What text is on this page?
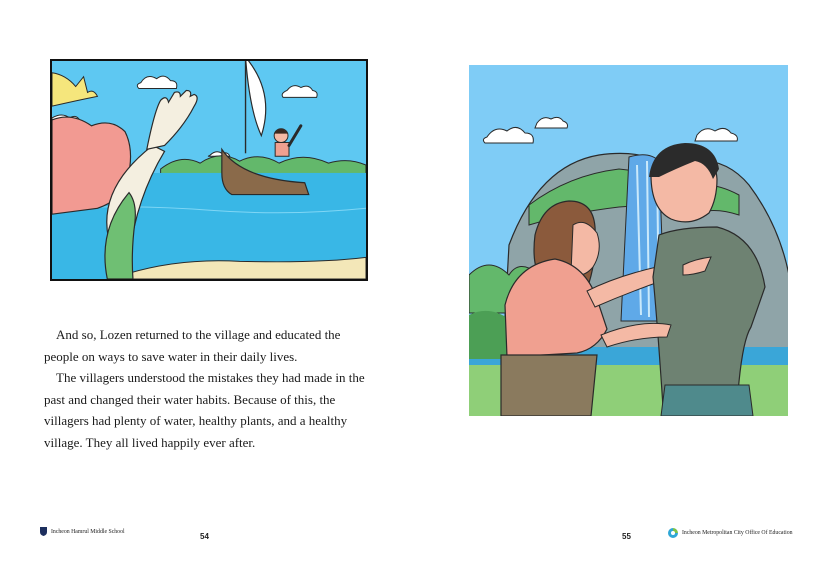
And so, Lozen returned to the village and educated the people on ways to save water in their daily lives.

The villagers understood the mistakes they had made in the past and changed their water habits. Because of this, the villagers had plenty of water, healthy plants, and a healthy village. They all lived happily ever after.

Incheon Hamrul Middle School
54	55	Incheon Metropolitan City Office Of Education
